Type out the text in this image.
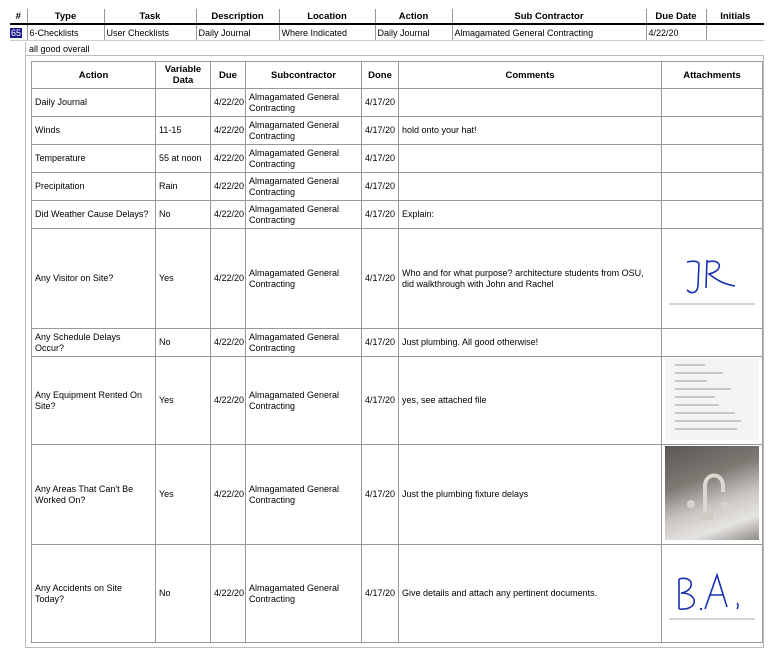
#	Type	Task	Description	Location	Action	Sub Contractor	Due Date	Initials
65	6-Checklists	User Checklists	Daily Journal	Where Indicated	Daily Journal	Almagamated General Contracting	4/22/20	
all good overall
Action	Variable Data	Due	Subcontractor	Done	Comments	Attachments
Daily Journal		4/22/20	Almagamated General Contracting	4/17/20		
Winds	11-15	4/22/20	Almagamated General Contracting	4/17/20	hold onto your hat!	
Temperature	55 at noon	4/22/20	Almagamated General Contracting	4/17/20		
Precipitation	Rain	4/22/20	Almagamated General Contracting	4/17/20		
Did Weather Cause Delays?	No	4/22/20	Almagamated General Contracting	4/17/20	Explain:	
Any Visitor on Site?	Yes	4/22/20	Almagamated General Contracting	4/17/20	Who and for what purpose? architecture students from OSU, did walkthrough with John and Rachel	
Any Schedule Delays Occur?	No	4/22/20	Almagamated General Contracting	4/17/20	Just plumbing. All good otherwise!	
Any Equipment Rented On Site?	Yes	4/22/20	Almagamated General Contracting	4/17/20	yes, see attached file	

Any Areas That Can't Be Worked On?	Yes	4/22/20	Almagamated General Contracting	4/17/20	Just the plumbing fixture delays	

Any Accidents on Site Today?	No	4/22/20	Almagamated General Contracting	4/17/20	Give details and attach any pertinent documents.	
